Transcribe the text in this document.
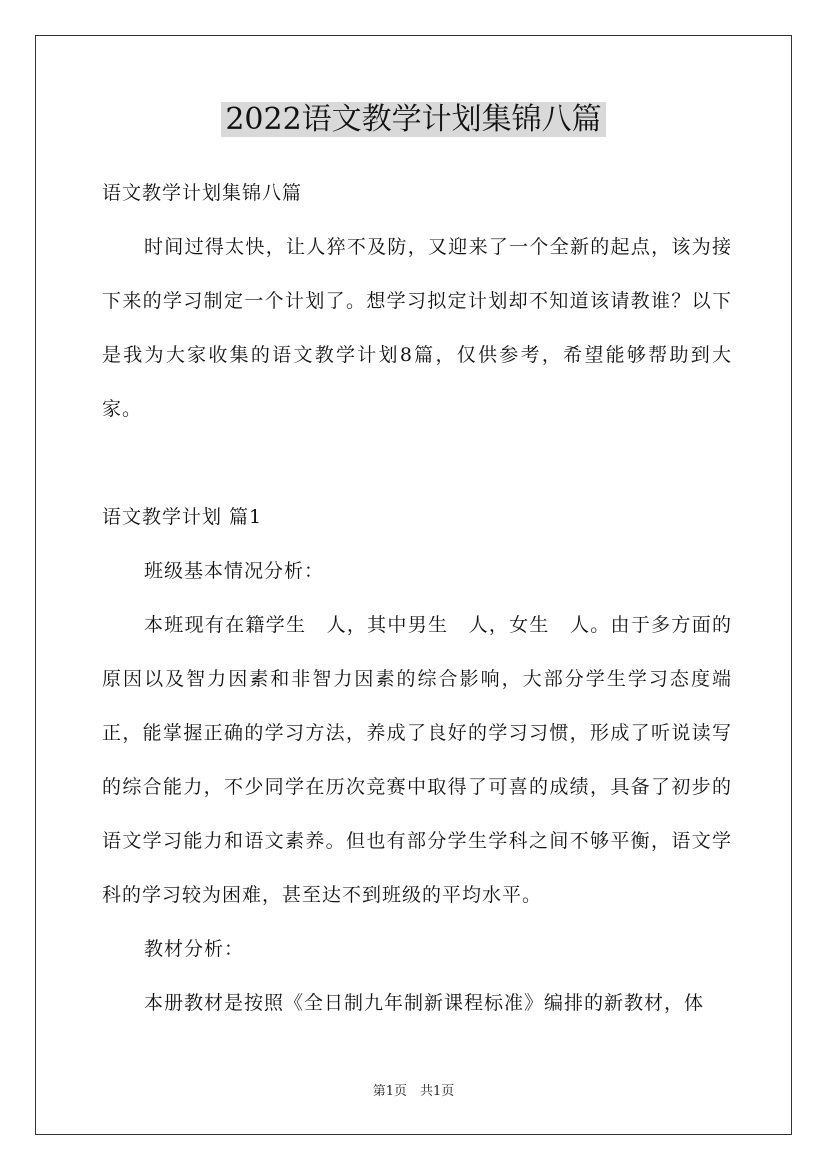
2022语文教学计划集锦八篇

语文教学计划集锦八篇

时间过得太快，让人猝不及防，又迎来了一个全新的起点，该为接下来的学习制定一个计划了。想学习拟定计划却不知道该请教谁？以下是我为大家收集的语文教学计划8篇，仅供参考，希望能够帮助到大家。

语文教学计划 篇1

班级基本情况分析：

本班现有在籍学生　人，其中男生　人，女生　人。由于多方面的原因以及智力因素和非智力因素的综合影响，大部分学生学习态度端正，能掌握正确的学习方法，养成了良好的学习习惯，形成了听说读写的综合能力，不少同学在历次竞赛中取得了可喜的成绩，具备了初步的语文学习能力和语文素养。但也有部分学生学科之间不够平衡，语文学科的学习较为困难，甚至达不到班级的平均水平。

教材分析：

本册教材是按照《全日制九年制新课程标准》编排的新教材，体

第1页　共1页
